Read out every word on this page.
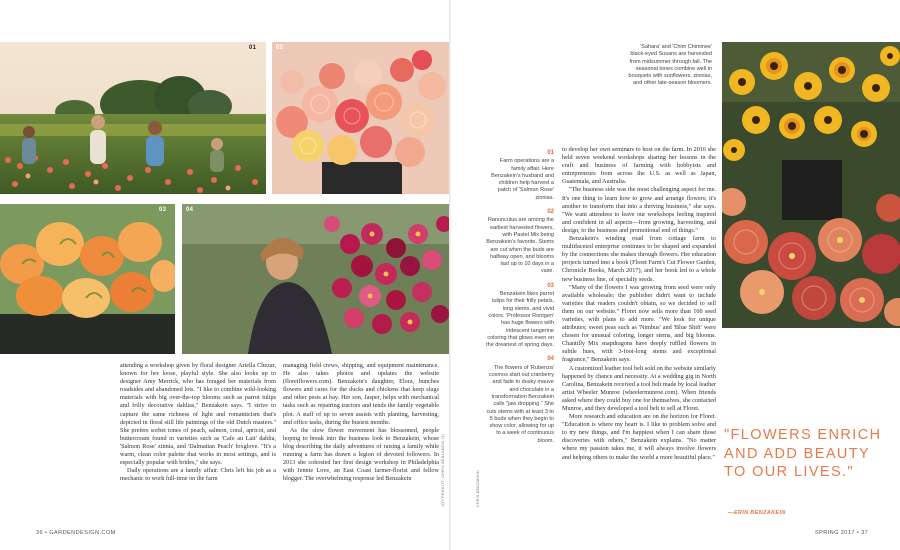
01	02
03	04

attending a workshop given by floral designer Ariella Chezar, known for her loose, playful style. She also looks up to designer Amy Merrick, who has foraged her materials from roadsides and abandoned lots. "I like to combine wild-looking materials with big over-the-top blooms such as parrot tulips and frilly decorative dahlias," Benzakein says. "I strive to capture the same richness of light and romanticism that's depicted in floral still life paintings of the old Dutch masters." She prefers sorbet tones of peach, salmon, coral, apricot, and buttercream found in varieties such as 'Cafe au Lait' dahlia, 'Salmon Rose' zinnia, and 'Dalmatian Peach' foxglove. "It's a warm, clean color palette that works in most settings, and is especially popular with brides," she says.

Daily operations are a family affair. Chris left his job as a mechanic to work full-time on the farm

managing field crews, shipping, and equipment maintenance. He also takes photos and updates the website (floretflowers.com). Benzakein's daughter, Elora, bunches flowers and cares for the ducks and chickens that keep slugs and other pests at bay. Her son, Jasper, helps with mechanical tasks such as repairing tractors and tends the family vegetable plot. A staff of up to seven assists with planting, harvesting, and office tasks, during the busiest months.

As the slow flower movement has blossomed, people hoping to break into the business look to Benzakein, whose blog describing the daily adventures of raising a family while running a farm has drawn a legion of devoted followers. In 2013 she cohosted her first design workshop in Philadelphia with Jennie Love, an East Coast farmer-florist and fellow blogger. The overwhelming response led Benzakein	JOY PRIOUTT; CHRIS BENZAKEIN (3)
01
Farm operations are a family affair. Here Benzakein's husband and children help harvest a patch of 'Salmon Rose' zinnias.
02
Ranunculus are among the earliest harvested flowers, with Pastel Mix being Benzakein's favorite. Stems are cut when the buds are halfway open, and blooms last up to 10 days in a vase.
03
Benzakein likes parrot tulips for their frilly petals, long stems, and vivid colors. 'Professor Rontgen' has huge flowers with iridescent tangerine coloring that glows even on the dreariest of spring days.
04
The flowers of 'Rubenza' cosmos start out cranberry and fade to dusky mauve and chocolate in a transformation Benzakein calls "jaw dropping." She cuts stems with at least 3 to 5 buds when they begin to show color, allowing for up to a week of continuous bloom.
CHRIS BENZAKEIN
'Sahara' and 'Chim Chiminee' black-eyed Susans are harvested from midsummer through fall. The seasonal tones combine well in bouquets with sunflowers, zinnias, and other late-season bloomers.

to develop her own seminars to host on the farm. In 2016 she held seven weekend workshops sharing her lessons in the craft and business of farming with hobbyists and entrepreneurs from across the U.S. as well as Japan, Guatemala, and Australia.

"The business side was the most challenging aspect for me. It's one thing to learn how to grow and arrange flowers; it's another to transform that into a thriving business," she says. "We want attendees to leave our workshops feeling inspired and confident in all aspects—from growing, harvesting, and design, to the business and promotional end of things."

Benzakein's winding road from cottage farm to multifaceted enterprise continues to be shaped and expanded by the connections she makes through flowers. Her education projects turned into a book (Floret Farm's Cut Flower Garden, Chronicle Books, March 2017), and her book led to a whole new business line, of specialty seeds.

"Many of the flowers I was growing from seed were only available wholesale; the publisher didn't want to include varieties that readers couldn't obtain, so we decided to sell them on our website." Floret now sells more than 100 seed varieties, with plans to add more. "We look for unique attributes; sweet peas such as 'Nimbus' and 'Blue Shift' were chosen for unusual coloring, longer stems, and big blooms. Chantilly Mix snapdragons have deeply ruffled flowers in subtle hues, with 3-foot-long stems and exceptional fragrance," Benzakein says.

A customized leather tool belt sold on the website similarly happened by chance and necessity. At a wedding gig in North Carolina, Benzakein received a tool belt made by local leather artist Wheeler Munroe (wheelermunroe.com). When friends asked where they could buy one for themselves, she contacted Munroe, and they developed a tool belt to sell at Floret.

More research and education are on the horizon for Floret. "Education is where my heart is. I like to problem solve and to try new things, and I'm happiest when I can share those discoveries with others," Benzakein explains. "No matter where my passion takes me, it will always involve flowers and helping others to make the world a more beautiful place."

"FLOWERS ENRICH AND ADD BEAUTY TO OUR LIVES."
—ERIN BENZAKEIN
36 • GARDENDESIGN.COM	SPRING 2017 • 37
